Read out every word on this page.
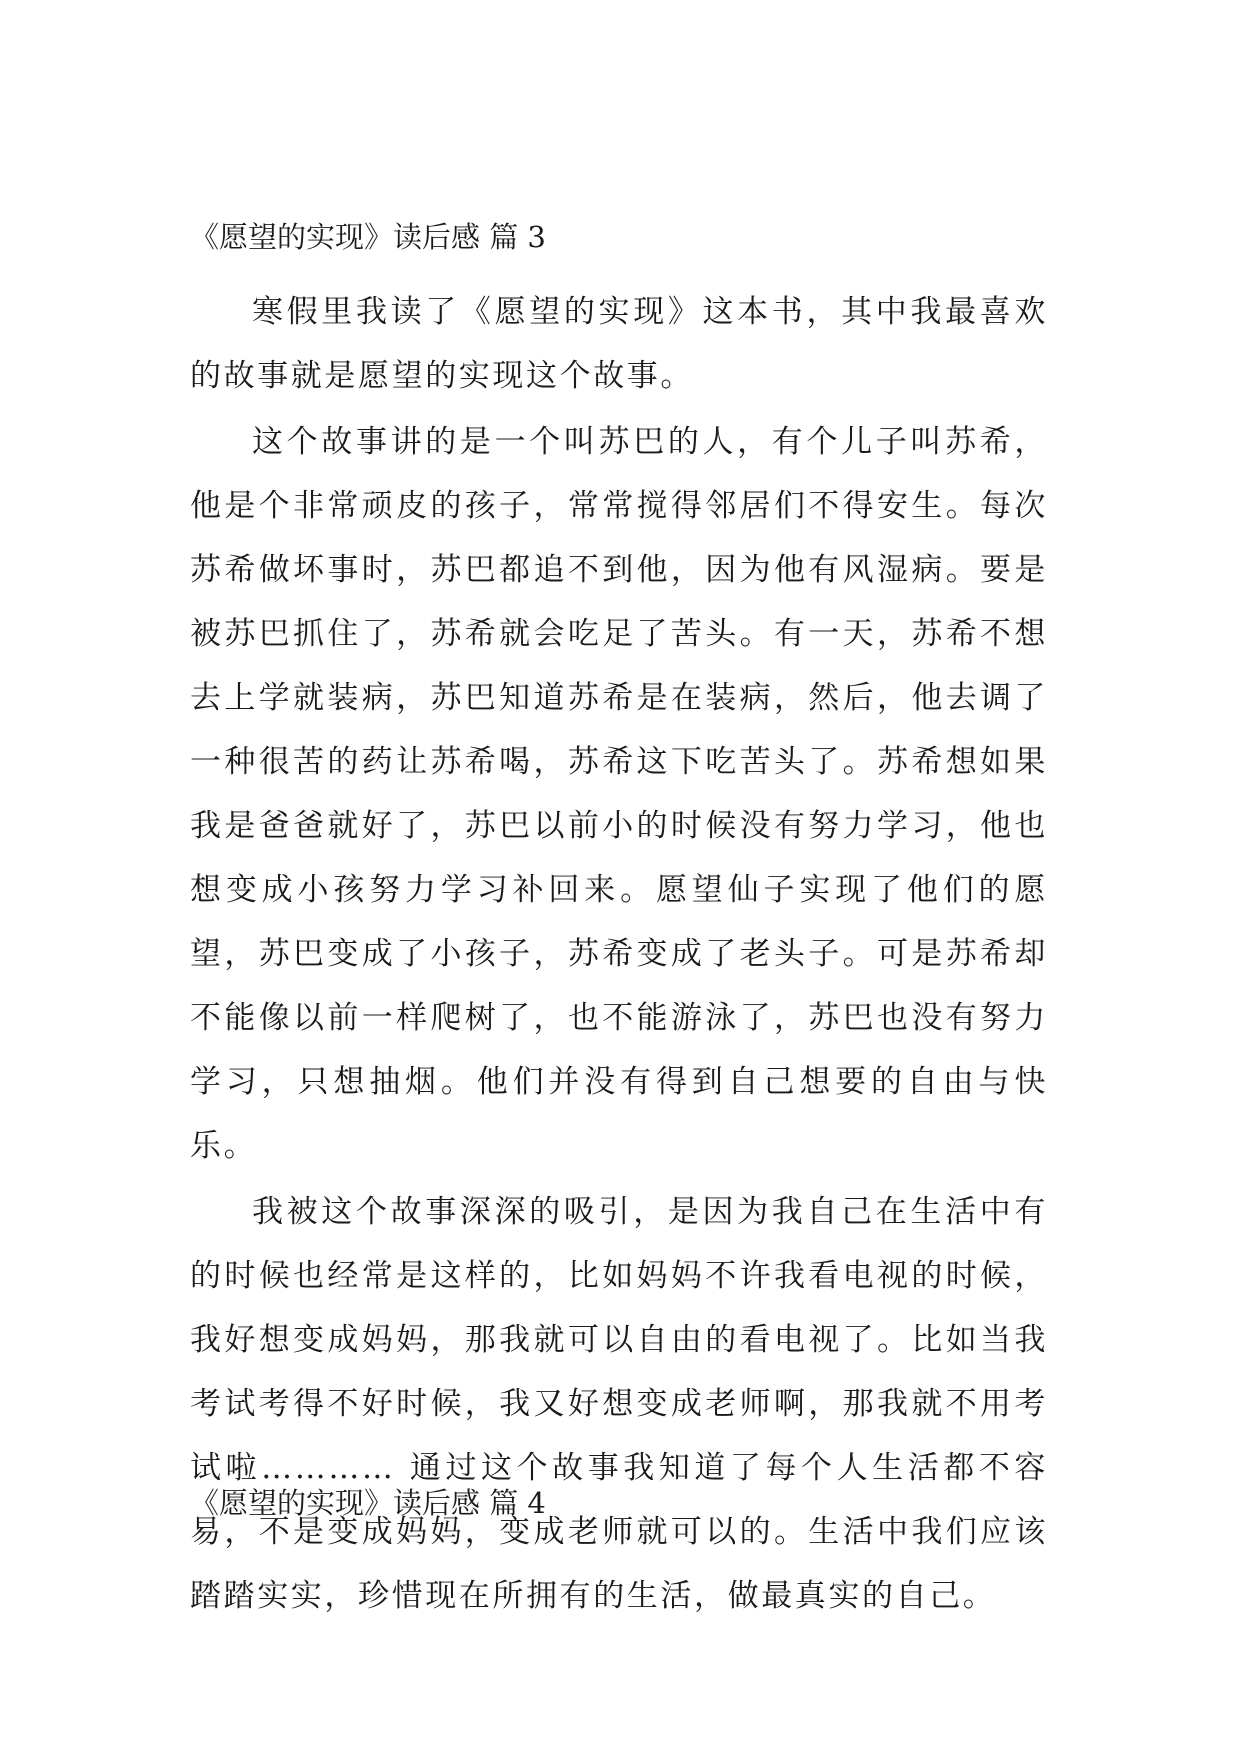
《愿望的实现》读后感 篇 3

寒假里我读了《愿望的实现》这本书，其中我最喜欢的故事就是愿望的实现这个故事。

这个故事讲的是一个叫苏巴的人，有个儿子叫苏希，他是个非常顽皮的孩子，常常搅得邻居们不得安生。每次苏希做坏事时，苏巴都追不到他，因为他有风湿病。要是被苏巴抓住了，苏希就会吃足了苦头。有一天，苏希不想去上学就装病，苏巴知道苏希是在装病，然后，他去调了一种很苦的药让苏希喝，苏希这下吃苦头了。苏希想如果我是爸爸就好了，苏巴以前小的时候没有努力学习，他也想变成小孩努力学习补回来。愿望仙子实现了他们的愿望，苏巴变成了小孩子，苏希变成了老头子。可是苏希却不能像以前一样爬树了，也不能游泳了，苏巴也没有努力学习，只想抽烟。他们并没有得到自己想要的自由与快乐。

我被这个故事深深的吸引，是因为我自己在生活中有的时候也经常是这样的，比如妈妈不许我看电视的时候，我好想变成妈妈，那我就可以自由的看电视了。比如当我考试考得不好时候，我又好想变成老师啊，那我就不用考试啦………… 通过这个故事我知道了每个人生活都不容易，不是变成妈妈，变成老师就可以的。生活中我们应该踏踏实实，珍惜现在所拥有的生活，做最真实的自己。

《愿望的实现》读后感 篇 4
